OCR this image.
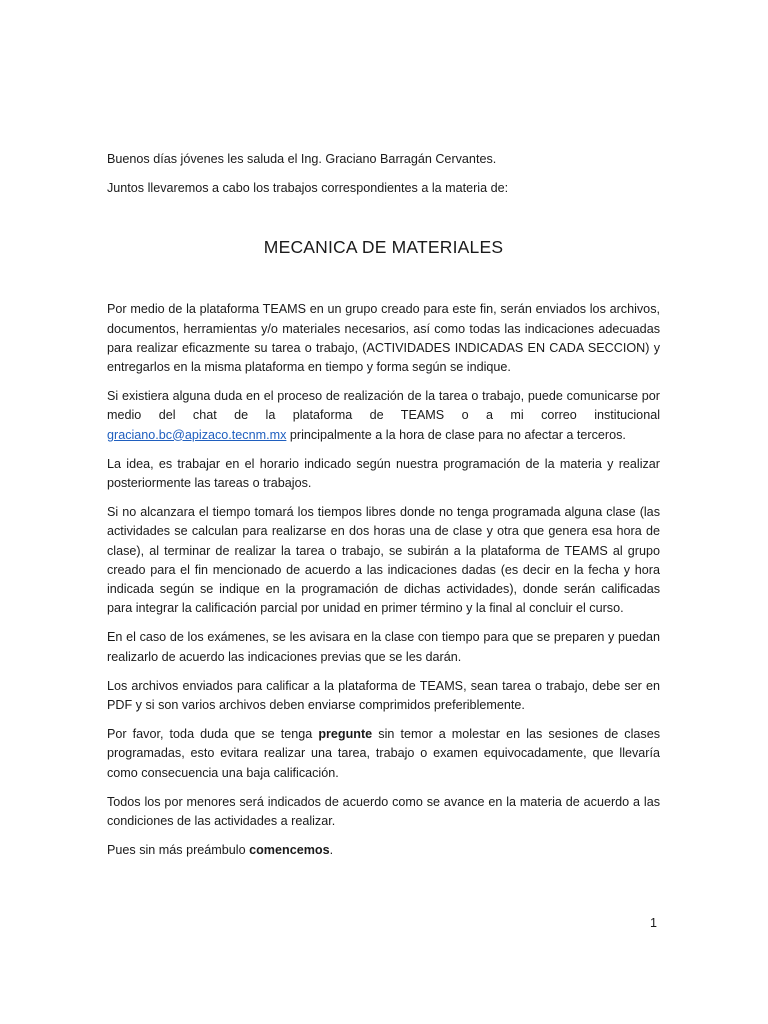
Buenos días jóvenes les saluda el Ing. Graciano Barragán Cervantes.

Juntos llevaremos a cabo los trabajos correspondientes a la materia de:

MECANICA DE MATERIALES

Por medio de la plataforma TEAMS en un grupo creado para este fin, serán enviados los archivos, documentos, herramientas y/o materiales necesarios, así como todas las indicaciones adecuadas para realizar eficazmente su tarea o trabajo, (ACTIVIDADES INDICADAS EN CADA SECCION) y entregarlos en la misma plataforma en tiempo y forma según se indique.

Si existiera alguna duda en el proceso de realización de la tarea o trabajo, puede comunicarse por medio del chat de la plataforma de TEAMS o a mi correo institucional graciano.bc@apizaco.tecnm.mx principalmente a la hora de clase para no afectar a terceros.

La idea, es trabajar en el horario indicado según nuestra programación de la materia y realizar posteriormente las tareas o trabajos.

Si no alcanzara el tiempo tomará los tiempos libres donde no tenga programada alguna clase (las actividades se calculan para realizarse en dos horas una de clase y otra que genera esa hora de clase), al terminar de realizar la tarea o trabajo, se subirán a la plataforma de TEAMS al grupo creado para el fin mencionado de acuerdo a las indicaciones dadas (es decir en la fecha y hora indicada según se indique en la programación de dichas actividades), donde serán calificadas para integrar la calificación parcial por unidad en primer término y la final al concluir el curso.

En el caso de los exámenes, se les avisara en la clase con tiempo para que se preparen y puedan realizarlo de acuerdo las indicaciones previas que se les darán.

Los archivos enviados para calificar a la plataforma de TEAMS, sean tarea o trabajo, debe ser en PDF y si son varios archivos deben enviarse comprimidos preferiblemente.

Por favor, toda duda que se tenga pregunte sin temor a molestar en las sesiones de clases programadas, esto evitara realizar una tarea, trabajo o examen equivocadamente, que llevaría como consecuencia una baja calificación.

Todos los por menores será indicados de acuerdo como se avance en la materia de acuerdo a las condiciones de las actividades a realizar.

Pues sin más preámbulo comencemos.

1
